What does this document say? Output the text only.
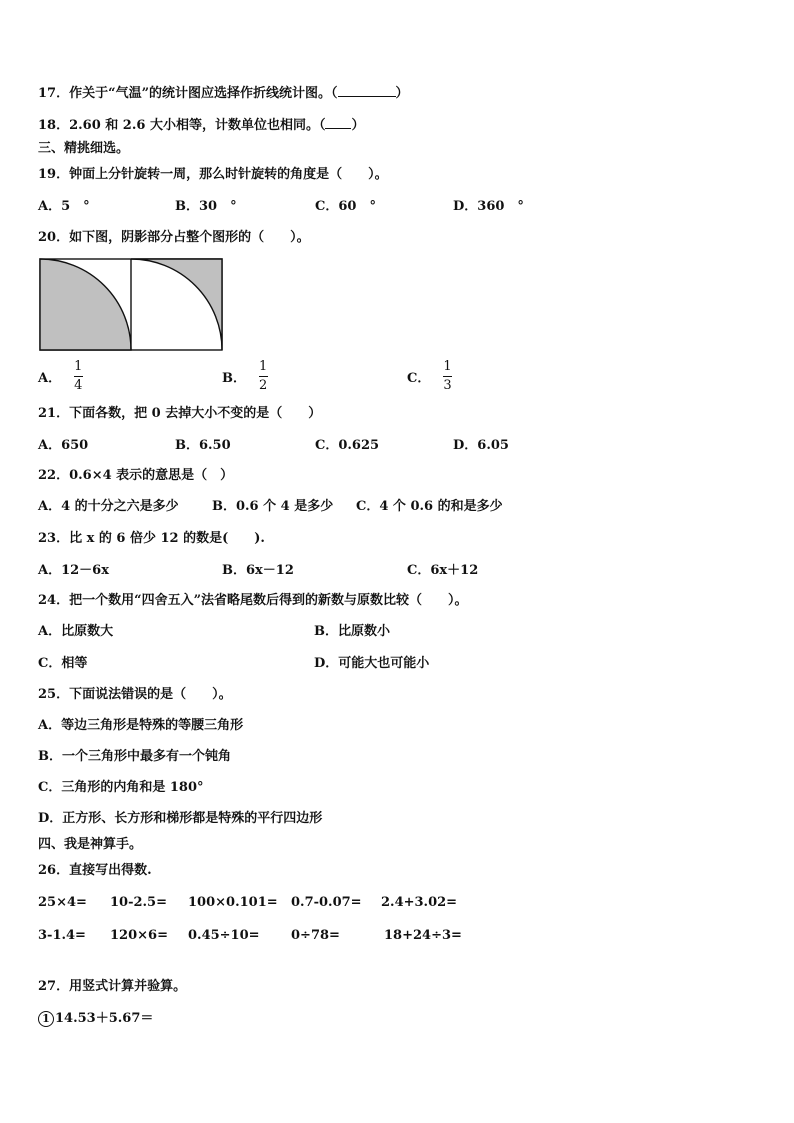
17．作关于“气温”的统计图应选择作折线统计图。（	）
18．2.60 和 2.6 大小相等，计数单位也相同。（ ）
三、精挑细选。
19．钟面上分针旋转一周，那么时针旋转的角度是（　　）。
A．5　°	B．30　°	C．60　°	D．360　°
20．如下图，阴影部分占整个图形的（　　）。
A．
1
4	B．
1
2	C．
1
3
21．下面各数，把 0 去掉大小不变的是（　　）
A．650	B．6.50	C．0.625	D．6.05
22．0.6×4 表示的意思是（　）
A．4 的十分之六是多少	B．0.6 个 4 是多少 C．4 个 0.6 的和是多少
23．比 x 的 6 倍少 12 的数是(　　).
A．12－6x	B．6x－12	C．6x＋12
24．把一个数用“四舍五入”法省略尾数后得到的新数与原数比较（　　）。
A．比原数大	B．比原数小
C．相等	D．可能大也可能小
25．下面说法错误的是（　　）。
A．等边三角形是特殊的等腰三角形
B．一个三角形中最多有一个钝角
C．三角形的内角和是 180°
D．正方形、长方形和梯形都是特殊的平行四边形
四、我是神算手。
26．直接写出得数.
25×4= 10-2.5= 100×0.101= 0.7-0.07= 2.4+3.02=
3-1.4= 120×6= 0.45÷10= 0÷78=	18+24÷3=
27．用竖式计算并验算。
1 14.53＋5.67＝
